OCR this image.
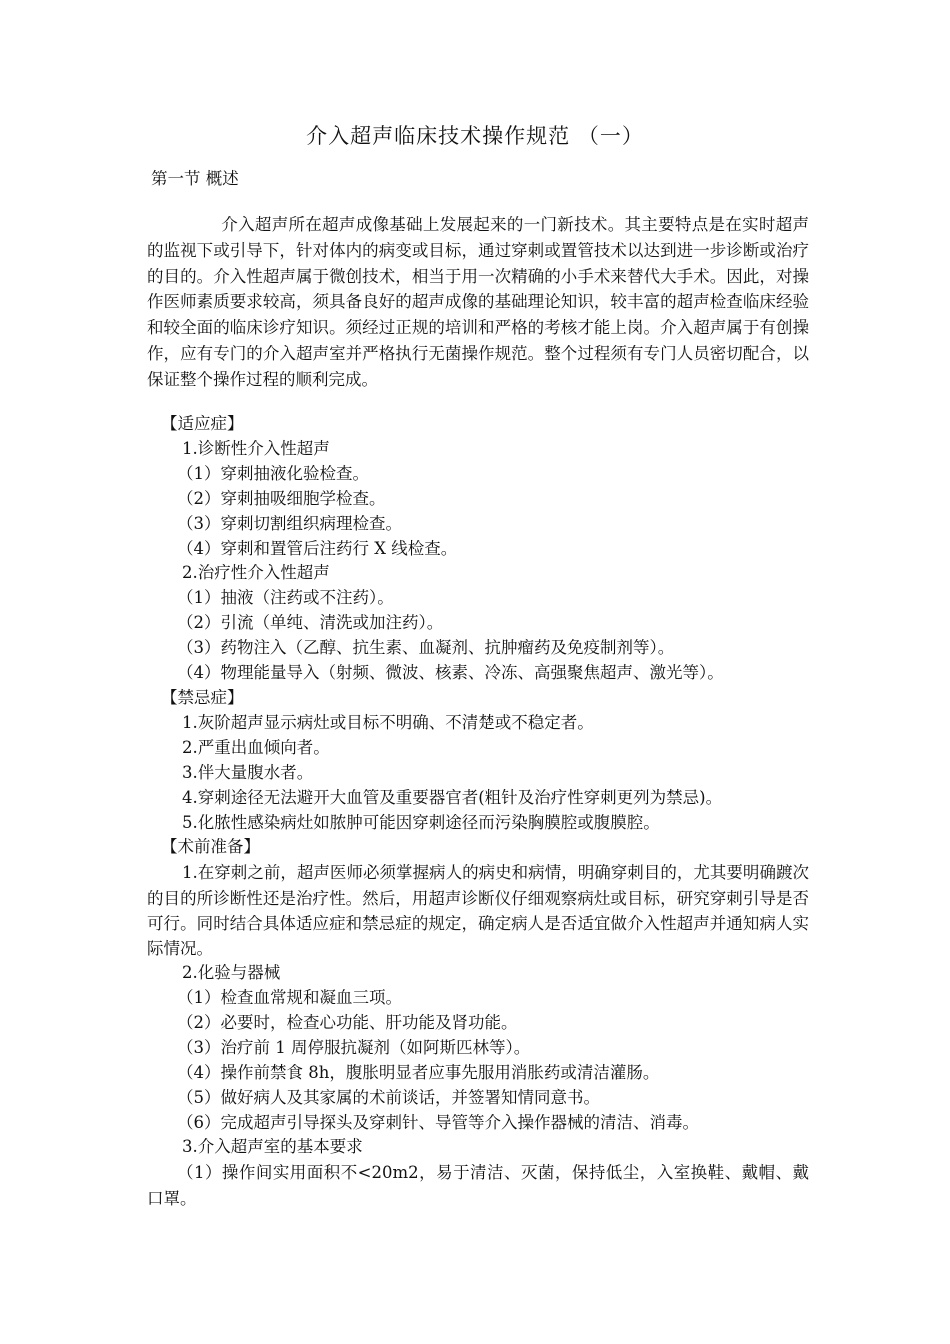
介入超声临床技术操作规范 （一）
第一节 概述
介入超声所在超声成像基础上发展起来的一门新技术。其主要特点是在实时超声的监视下或引导下，针对体内的病变或目标，通过穿刺或置管技术以达到进一步诊断或治疗的目的。介入性超声属于微创技术，相当于用一次精确的小手术来替代大手术。因此，对操作医师素质要求较高，须具备良好的超声成像的基础理论知识，较丰富的超声检查临床经验和较全面的临床诊疗知识。须经过正规的培训和严格的考核才能上岗。介入超声属于有创操作，应有专门的介入超声室并严格执行无菌操作规范。整个过程须有专门人员密切配合，以保证整个操作过程的顺利完成。
【适应症】
1.诊断性介入性超声
（1）穿刺抽液化验检查。
（2）穿刺抽吸细胞学检查。
（3）穿刺切割组织病理检查。
（4）穿刺和置管后注药行 X 线检查。
2.治疗性介入性超声
（1）抽液（注药或不注药）。
（2）引流（单纯、清洗或加注药）。
（3）药物注入（乙醇、抗生素、血凝剂、抗肿瘤药及免疫制剂等）。
（4）物理能量导入（射频、微波、核素、冷冻、高强聚焦超声、激光等）。
【禁忌症】
1.灰阶超声显示病灶或目标不明确、不清楚或不稳定者。
2.严重出血倾向者。
3.伴大量腹水者。
4.穿刺途径无法避开大血管及重要器官者(粗针及治疗性穿刺更列为禁忌)。
5.化脓性感染病灶如脓肿可能因穿刺途径而污染胸膜腔或腹膜腔。
【术前准备】
1.在穿刺之前，超声医师必须掌握病人的病史和病情，明确穿刺目的，尤其要明确踱次的目的所诊断性还是治疗性。然后，用超声诊断仪仔细观察病灶或目标，研究穿刺引导是否可行。同时结合具体适应症和禁忌症的规定，确定病人是否适宜做介入性超声并通知病人实际情况。
2.化验与器械
（1）检查血常规和凝血三项。
（2）必要时，检查心功能、肝功能及肾功能。
（3）治疗前 1 周停服抗凝剂（如阿斯匹林等）。
（4）操作前禁食 8h，腹胀明显者应事先服用消胀药或清洁灌肠。
（5）做好病人及其家属的术前谈话，并签署知情同意书。
（6）完成超声引导探头及穿刺针、导管等介入操作器械的清洁、消毒。
3.介入超声室的基本要求
（1）操作间实用面积不<20m2，易于清洁、灭菌，保持低尘，入室换鞋、戴帽、戴口罩。
